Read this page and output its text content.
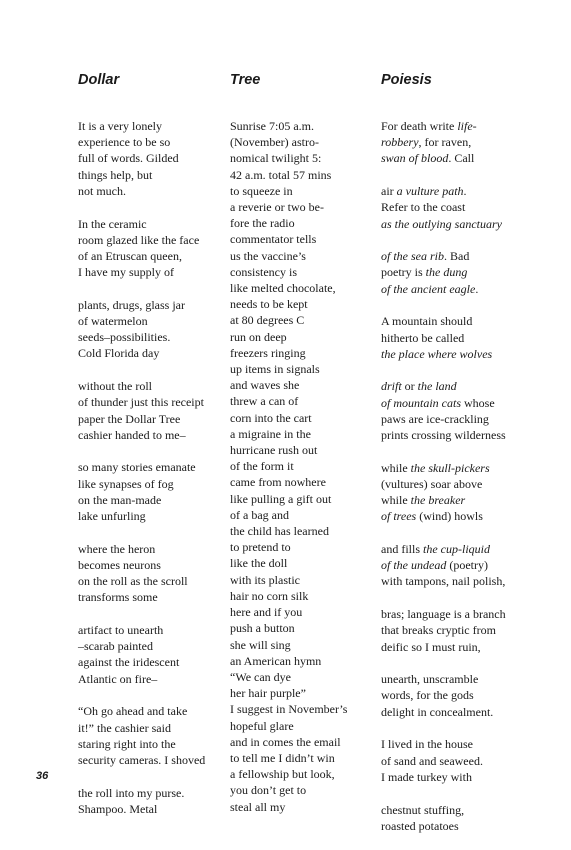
Dollar
It is a very lonely
experience to be so
full of words. Gilded
things help, but
not much.
In the ceramic
room glazed like the face
of an Etruscan queen,
I have my supply of
plants, drugs, glass jar
of watermelon
seeds–possibilities.
Cold Florida day
without the roll
of thunder just this receipt
paper the Dollar Tree
cashier handed to me–
so many stories emanate
like synapses of fog
on the man-made
lake unfurling
where the heron
becomes neurons
on the roll as the scroll
transforms some
artifact to unearth
–scarab painted
against the iridescent
Atlantic on fire–
“Oh go ahead and take
it!” the cashier said
staring right into the
security cameras. I shoved
the roll into my purse.
Shampoo. Metal
Tree
Sunrise 7:05 a.m.
(November) astro-
nomical twilight 5:
42 a.m. total 57 mins
to squeeze in
a reverie or two be-
fore the radio
commentator tells
us the vaccine’s
consistency is
like melted chocolate,
needs to be kept
at 80 degrees C
run on deep
freezers ringing
up items in signals
and waves she
threw a can of
corn into the cart
a migraine in the
hurricane rush out
of the form it
came from nowhere
like pulling a gift out
of a bag and
the child has learned
to pretend to
like the doll
with its plastic
hair no corn silk
here and if you
push a button
she will sing
an American hymn
“We can dye
her hair purple”
I suggest in November’s
hopeful glare
and in comes the email
to tell me I didn’t win
a fellowship but look,
you don’t get to
steal all my
Poiesis
For death write life-
robbery, for raven,
swan of blood. Call
air a vulture path.
Refer to the coast
as the outlying sanctuary
of the sea rib. Bad
poetry is the dung
of the ancient eagle.
A mountain should
hitherto be called
the place where wolves
drift or the land
of mountain cats whose
paws are ice-crackling
prints crossing wilderness
while the skull-pickers
(vultures) soar above
while the breaker
of trees (wind) howls
and fills the cup-liquid
of the undead (poetry)
with tampons, nail polish,
bras; language is a branch
that breaks cryptic from
deific so I must ruin,
unearth, unscramble
words, for the gods
delight in concealment.
I lived in the house
of sand and seaweed.
I made turkey with
chestnut stuffing,
roasted potatoes
36
